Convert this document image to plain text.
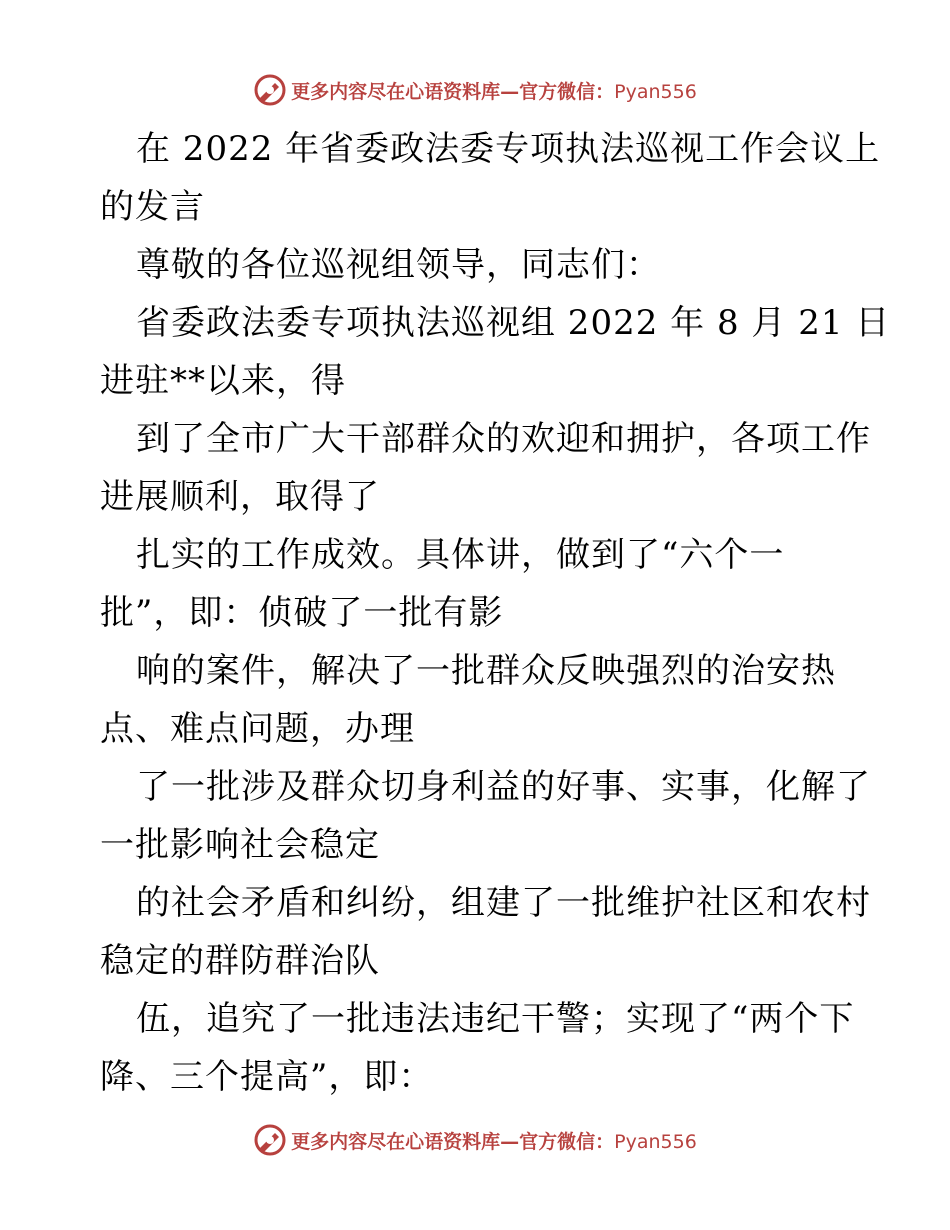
更多内容尽在心语资料库—官方微信：Pyan556
在 2022 年省委政法委专项执法巡视工作会议上
的发言
尊敬的各位巡视组领导，同志们：
省委政法委专项执法巡视组 2022 年 8 月 21 日
进驻**以来，得
到了全市广大干部群众的欢迎和拥护，各项工作
进展顺利，取得了
扎实的工作成效。具体讲，做到了“六个一
批”，即：侦破了一批有影
响的案件，解决了一批群众反映强烈的治安热
点、难点问题，办理
了一批涉及群众切身利益的好事、实事，化解了
一批影响社会稳定
的社会矛盾和纠纷，组建了一批维护社区和农村
稳定的群防群治队
伍，追究了一批违法违纪干警；实现了“两个下
降、三个提高”，即：
更多内容尽在心语资料库—官方微信：Pyan556
